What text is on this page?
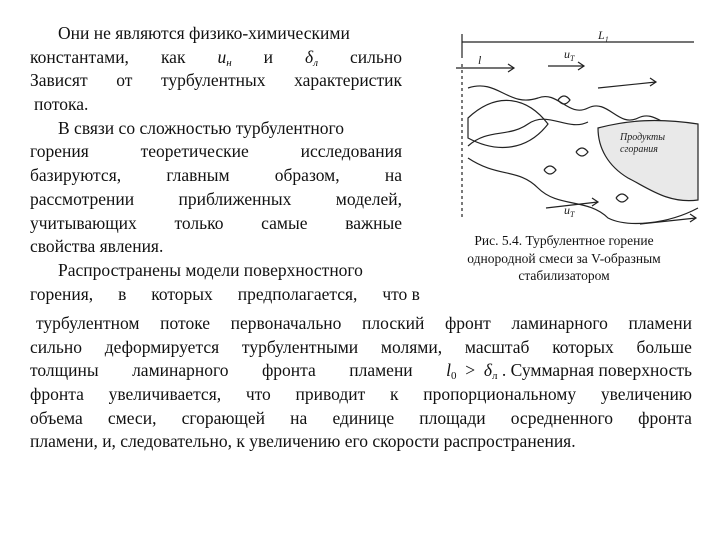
Они не являются физико-химическими
константами, как $u_н$ и $\delta_л$ сильно
Зависят от турбулентных характеристик
потока.
В связи со сложностью турбулентного
горения	теоретические	исследования
базируются,	главным	образом,	на
рассмотрении	приближенных	моделей,
учитывающих только самые важные
свойства явления.
Распространены модели поверхностного
горения, в которых предполагается, что в
турбулентном потоке первоначально плоский фронт ламинарного пламени
сильно деформируется турбулентными молями, масштаб которых больше
толщины ламинарного фронта пламени $l_0 > \delta_л$ . Суммарная поверхность
фронта увеличивается, что приводит к пропорциональному увеличению
объема смеси, сгорающей на единице площади осредненного фронта
пламени, и, следовательно, к увеличению его скорости распространения.
$L_1$
l	$u_T$
$u_T$
Продукты
сгорания
Рис. 5.4. Турбулентное горение
однородной смеси за V-образным
стабилизатором
